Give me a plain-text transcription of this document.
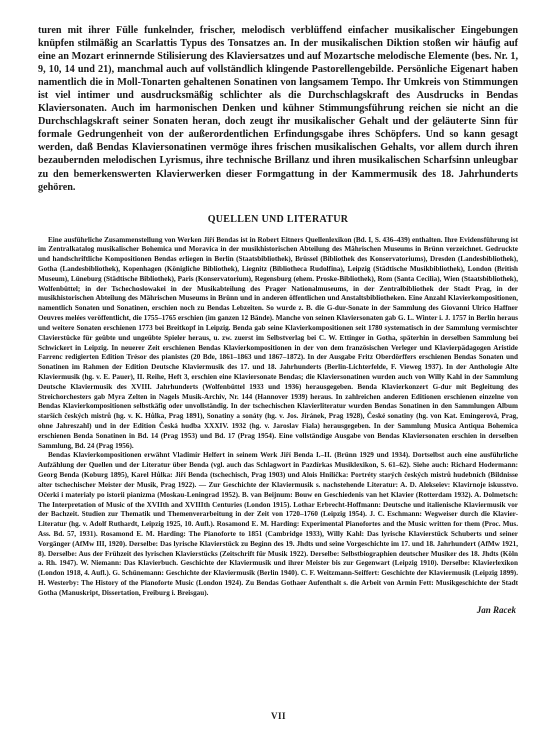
turen mit ihrer Fülle funkelnder, frischer, melodisch verblüffend einfacher musikalischer Eingebungen knüpfen stilmäßig an Scarlattis Typus des Tonsatzes an. In der musikalischen Diktion stoßen wir häufig auf eine an Mozart erinnernde Stilisierung des Klaviersatzes und auf Mozartsche melodische Elemente (bes. Nr. 1, 9, 10, 14 und 21), manchmal auch auf vollständlich klingende Pastorellengebilde. Persönliche Eigenart haben namentlich die in Moll-Tonarten gehaltenen Sonatinen von langsamem Tempo. Ihr Umkreis von Stimmungen ist viel intimer und ausdrucksmäßig schlichter als die Durchschlagskraft des Ausdrucks in Bendas Klaviersonaten. Auch im harmonischen Denken und kühner Stimmungsführung reichen sie nicht an die Durchschlagskraft seiner Sonaten heran, doch zeugt ihr musikalischer Gehalt und der geläuterte Sinn für formale Gedrungenheit von der außerordentlichen Erfindungsgabe ihres Schöpfers. Und so kann gesagt werden, daß Bendas Klaviersonatinen vermöge ihres frischen musikalischen Gehalts, vor allem durch ihren bezaubernden melodischen Lyrismus, ihre technische Brillanz und ihren musikalischen Scharfsinn unleugbar zu den bemerkenswerten Klavierwerken dieser Formgattung in der Kammermusik des 18. Jahrhunderts gehören.

QUELLEN UND LITERATUR

Eine ausführliche Zusammenstellung von Werken Jiří Bendas ist in Robert Eitners Quellenlexikon (Bd. I, S. 436–439) enthalten. Ihre Evidensführung ist im Zentralkatalog musikalischer Bohemica und Moravica in der musikhistorischen Abteilung des Mährischen Museums in Brünn verzeichnet. Gedruckte und handschriftliche Kompositionen Bendas erliegen in Berlin (Staatsbibliothek), Brüssel (Bibliothek des Konservatoriums), Dresden (Landesbibliothek), Gotha (Landesbibliothek), Kopenhagen (Königliche Bibliothek), Liegnitz (Bibliotheca Rudolfina), Leipzig (Städtische Musikbibliothek), London (British Museum), Lüneburg (Städtische Bibliothek), Paris (Konservatorium), Regensburg (ehem. Proske-Bibliothek), Rom (Santa Cecilia), Wien (Staatsbibliothek), Wolfenbüttel; in der Tschechoslowakei in der Musikabteilung des Prager Nationalmuseums, in der Zentralbibliothek der Stadt Prag, in der musikhistorischen Abteilung des Mährischen Museums in Brünn und in anderen öffentlichen und Anstaltsbibliotheken. Eine Anzahl Klavierkompositionen, namentlich Sonaten und Sonatinen, erschien noch zu Bendas Lebzeiten. So wurde z. B. die G-dur-Sonate in der Sammlung des Giovanni Ulrico Haffner Oeuvres melées veröffentlicht, die 1755–1765 erschien (im ganzen 12 Bände). Manche von seinen Klaviersonaten gab G. L. Winter i. J. 1757 in Berlin heraus und weitere Sonaten erschienen 1773 bei Breitkopf in Leipzig. Benda gab seine Klavierkompositionen seit 1780 systematisch in der Sammlung vermischter Clavierstücke für geübte und ungeübte Spieler heraus, u. zw. zuerst im Selbstverlag bei C. W. Ettinger in Gotha, späterhin in derselben Sammlung bei Schwickert in Leipzig. In neuerer Zeit erschienen Bendas Klavierkompositionen in der von dem französischen Verleger und Klavierpädagogen Aristide Farrenc redigierten Edition Trésor des pianistes (20 Bde, 1861–1863 und 1867–1872). In der Ausgabe Fritz Oberdörffers erschienen Bendas Sonaten und Sonatinen im Rahmen der Edition Deutsche Klaviermusik des 17. und 18. Jahrhunderts (Berlin-Lichterfelde, F. Vieweg 1937). In der Anthologie Alte Klaviermusik (hg. v. E. Pauer), II. Reihe, Heft 3, erschien eine Klaviersonate Bendas; die Klaviersonatinen wurden auch von Willy Kahl in der Sammlung Deutsche Klaviermusik des XVIII. Jahrhunderts (Wolfenbüttel 1933 und 1936) herausgegeben. Benda Klavierkonzert G-dur mit Begleitung des Streichorchesters gab Myra Zelten in Nagels Musik-Archiv, Nr. 144 (Hannover 1939) heraus. In zahlreichen anderen Editionen erschienen einzelne von Bendas Klavierkompositionen selbstkäfig oder unvollständig. In der tschechischen Klavierliteratur wurden Bendas Sonatinen in den Sammlungen Album starších českých mistrů (hg. v. K. Hůlka, Prag 1891), Sonatiny a sonáty (hg. v. Jos. Jiránek, Prag 1928), České sonatiny (hg. von Kat. Emingerová, Prag, ohne Jahreszahl) und in der Edition Česká hudba XXXIV. 1932 (hg. v. Jaroslav Fiala) herausgegeben. In der Sammlung Musica Antiqua Bohemica erschienen Benda Sonatinen in Bd. 14 (Prag 1953) und Bd. 17 (Prag 1954). Eine vollständige Ausgabe von Bendas Klaviersonaten erschien in derselben Sammlung, Bd. 24 (Prag 1956).

Bendas Klavierkompositionen erwähnt Vladimír Helfert in seinem Werk Jiří Benda I.–II. (Brünn 1929 und 1934). Dortselbst auch eine ausführliche Aufzählung der Quellen und der Literatur über Benda (vgl. auch das Schlagwort in Pazdírkas Musiklexikon, S. 61–62). Siehe auch: Richard Hodermann: Georg Benda (Koburg 1895), Karel Hůlka: Jiří Benda (tschechisch, Prag 1903) und Alois Hnilička: Portréty starých českých mistrů hudebních (Bildnisse alter tschechischer Meister der Musik, Prag 1922). — Zur Geschichte der Klaviermusik s. nachstehende Literatur: A. D. Alekseiev: Klavirnoje iskusstvo. Očerki i materialy po istorii pianizma (Moskau-Leningrad 1952). B. van Beijnum: Bouw en Geschiedenis van het Klavier (Rotterdam 1932). A. Dolmetsch: The Interpretation of Music of the XVIIth and XVIIIth Centuries (London 1915). Lothar Erbrecht-Hoffmann: Deutsche und italienische Klaviermusik vor der Bachzeit. Studien zur Thematik und Themenverarbeitung in der Zeit von 1720–1760 (Leipzig 1954). J. C. Eschmann: Wegweiser durch die Klavier-Literatur (hg. v. Adolf Ruthardt, Leipzig 1925, 10. Aufl.). Rosamond E. M. Harding: Experimental Pianofortes and the Music written for them (Proc. Mus. Ass. Bd. 57, 1931). Rosamond E. M. Harding: The Pianoforte to 1851 (Cambridge 1933), Willy Kahl: Das lyrische Klavierstück Schuberts und seiner Vorgänger (AfMw III, 1920). Derselbe: Das lyrische Klavierstück zu Beginn des 19. Jhdts und seine Vorgeschichte im 17. und 18. Jahrhundert (AfMw 1921, 8). Derselbe: Aus der Frühzeit des lyrischen Klavierstücks (Zeitschrift für Musik 1922). Derselbe: Selbstbiographien deutscher Musiker des 18. Jhdts (Köln a. Rh. 1947). W. Niemann: Das Klavierbuch. Geschichte der Klaviermusik und ihrer Meister bis zur Gegenwart (Leipzig 1910). Derselbe: Klavierlexikon (London 1918, 4. Aufl.). G. Schünemann: Geschichte der Klaviermusik (Berlin 1940). C. F. Weitzmann-Seiffert: Geschichte der Klaviermusik (Leipzig 1899). H. Westerby: The History of the Pianoforte Music (London 1924). Zu Bendas Gothaer Aufenthalt s. die Arbeit von Armin Fett: Musikgeschichte der Stadt Gotha (Manuskript, Dissertation, Freiburg i. Breisgau).

Jan Racek
VII
